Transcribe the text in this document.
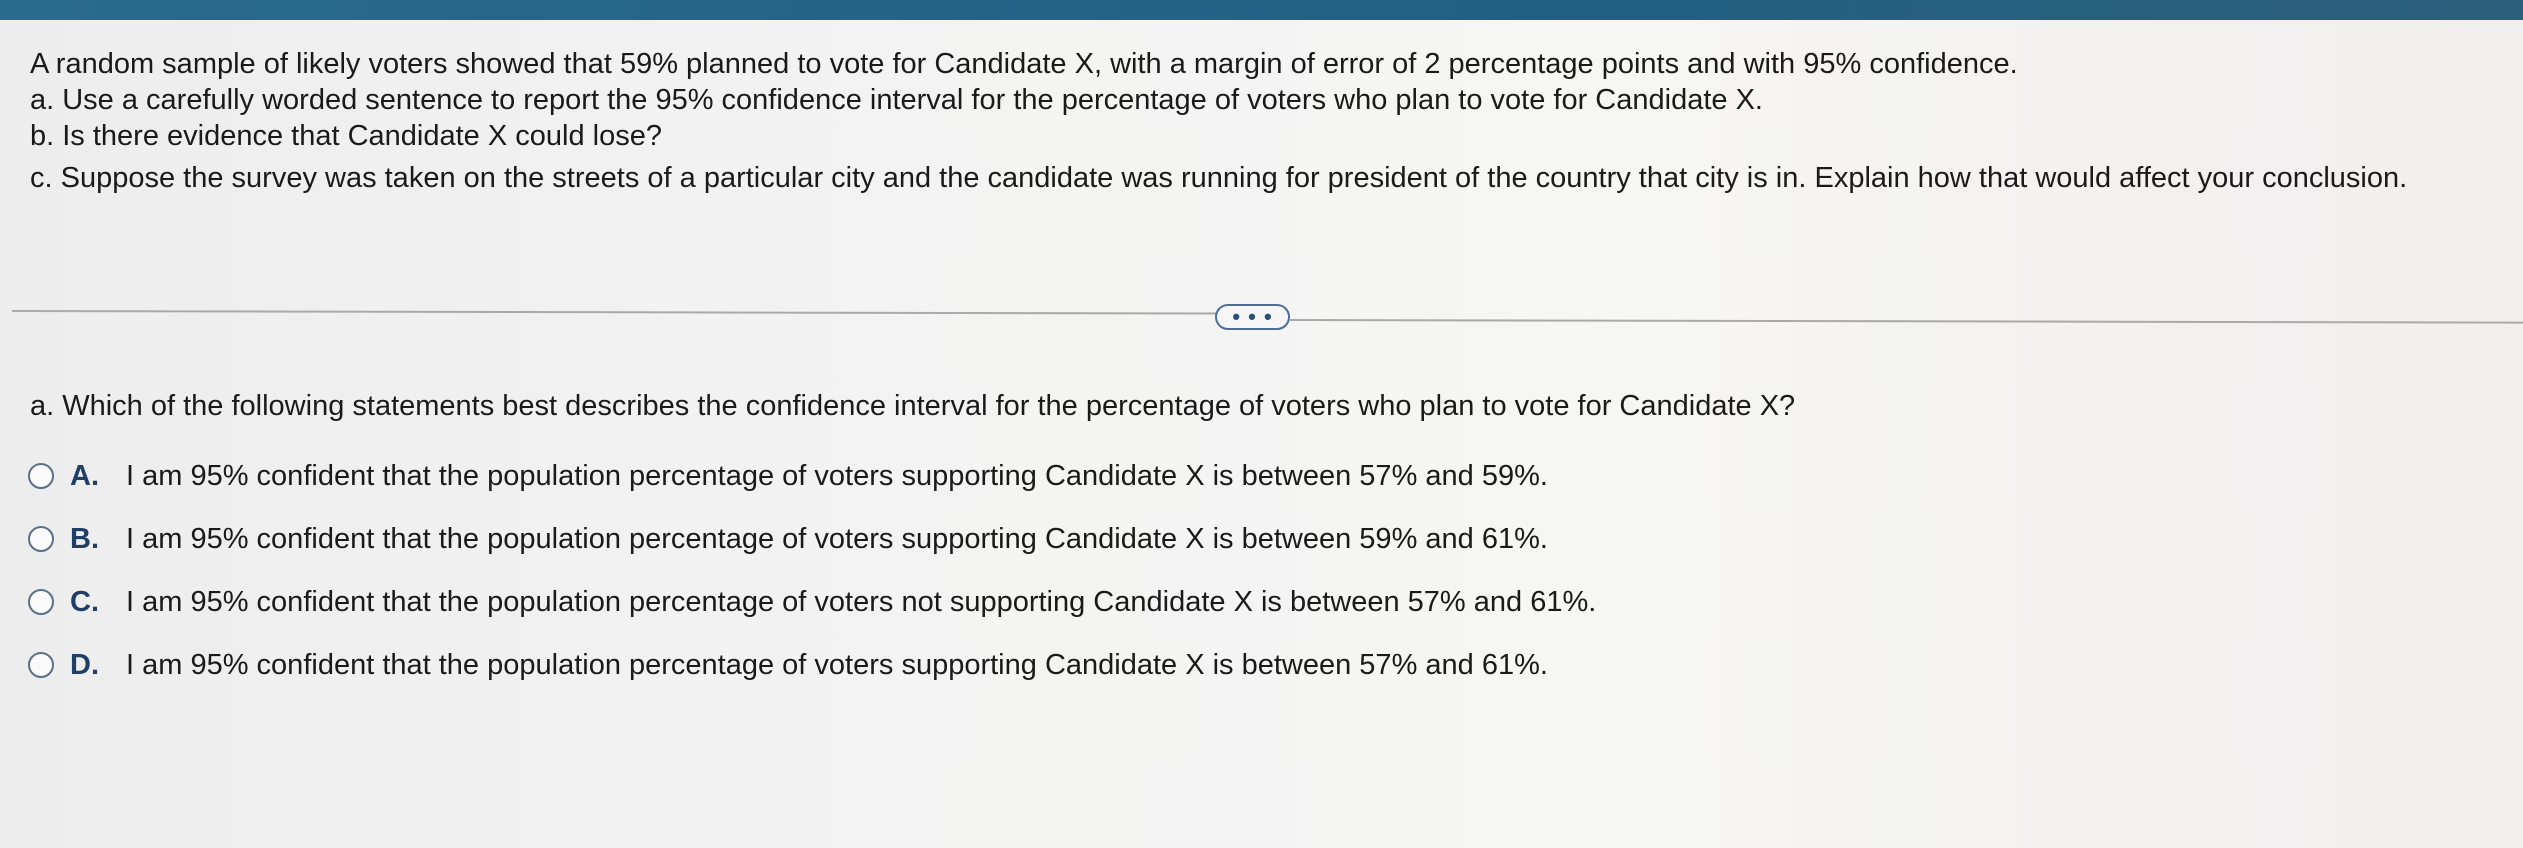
A random sample of likely voters showed that 59% planned to vote for Candidate X, with a margin of error of 2 percentage points and with 95% confidence.

a. Use a carefully worded sentence to report the 95% confidence interval for the percentage of voters who plan to vote for Candidate X.

b. Is there evidence that Candidate X could lose?

c. Suppose the survey was taken on the streets of a particular city and the candidate was running for president of the country that city is in. Explain how that would affect your conclusion.

• • •
a. Which of the following statements best describes the confidence interval for the percentage of voters who plan to vote for Candidate X?
A. I am 95% confident that the population percentage of voters supporting Candidate X is between 57% and 59%.
B. I am 95% confident that the population percentage of voters supporting Candidate X is between 59% and 61%.
C. I am 95% confident that the population percentage of voters not supporting Candidate X is between 57% and 61%.
D. I am 95% confident that the population percentage of voters supporting Candidate X is between 57% and 61%.
